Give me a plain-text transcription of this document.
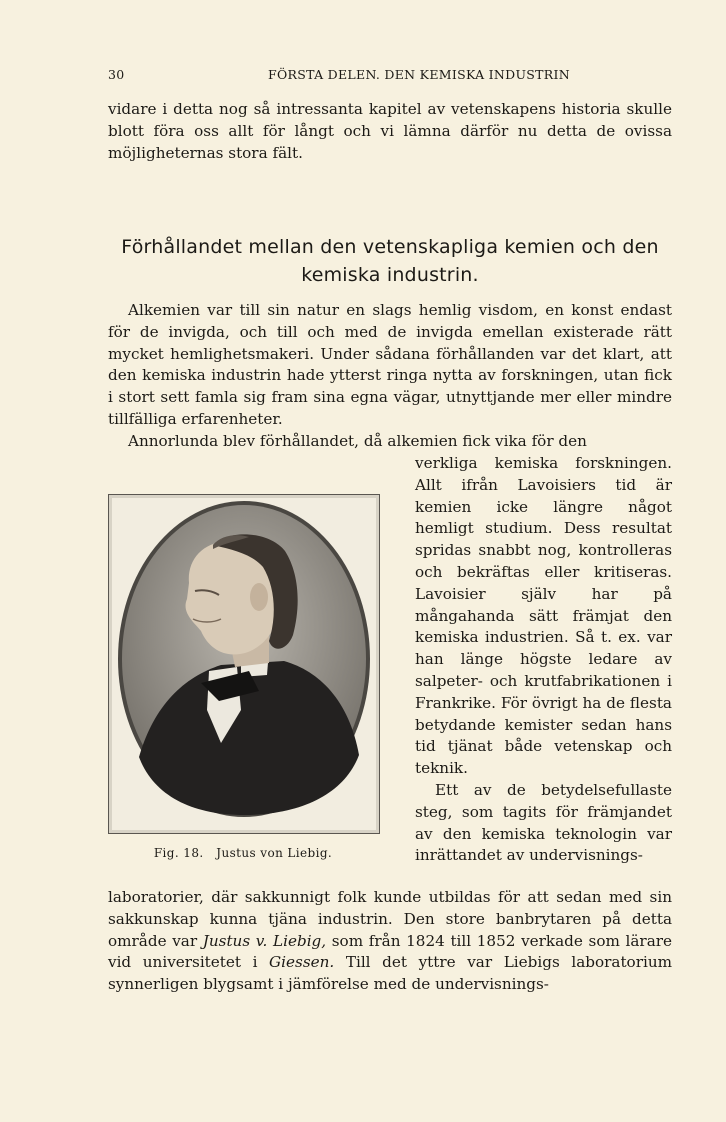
30	FÖRSTA DELEN. DEN KEMISKA INDUSTRIN

vidare i detta nog så intressanta kapitel av vetenskapens historia skulle blott föra oss allt för långt och vi lämna därför nu detta de ovissa möjligheternas stora fält.

Förhållandet mellan den vetenskapliga kemien och den
kemiska industrin.

Alkemien var till sin natur en slags hemlig visdom, en konst endast för de invigda, och till och med de invigda emellan existerade rätt mycket hemlighetsmakeri. Under sådana förhållanden var det klart, att den kemiska industrin hade ytterst ringa nytta av forskningen, utan fick i stort sett famla sig fram sina egna vägar, utnyttjande mer eller mindre tillfälliga erfarenheter.

Annorlunda blev förhållandet, då alkemien fick vika för den

Fig. 18. Justus von Liebig.

verkliga kemiska forskningen. Allt ifrån Lavoisiers tid är kemien icke längre något hemligt studium. Dess resultat spridas snabbt nog, kontrolleras och bekräftas eller kritiseras. Lavoisier själv har på mångahanda sätt främjat den kemiska industrien. Så t. ex. var han länge högste ledare av salpeter- och krutfabrikationen i Frankrike. För övrigt ha de flesta betydande kemister sedan hans tid tjänat både vetenskap och teknik.

Ett av de betydelsefullaste steg, som tagits för främjandet av den kemiska teknologin var inrättandet av undervisnings-

laboratorier, där sakkunnigt folk kunde utbildas för att sedan med sin sakkunskap kunna tjäna industrin. Den store banbrytaren på detta område var Justus v. Liebig, som från 1824 till 1852 verkade som lärare vid universitetet i Giessen. Till det yttre var Liebigs laboratorium synnerligen blygsamt i jämförelse med de undervisnings-
